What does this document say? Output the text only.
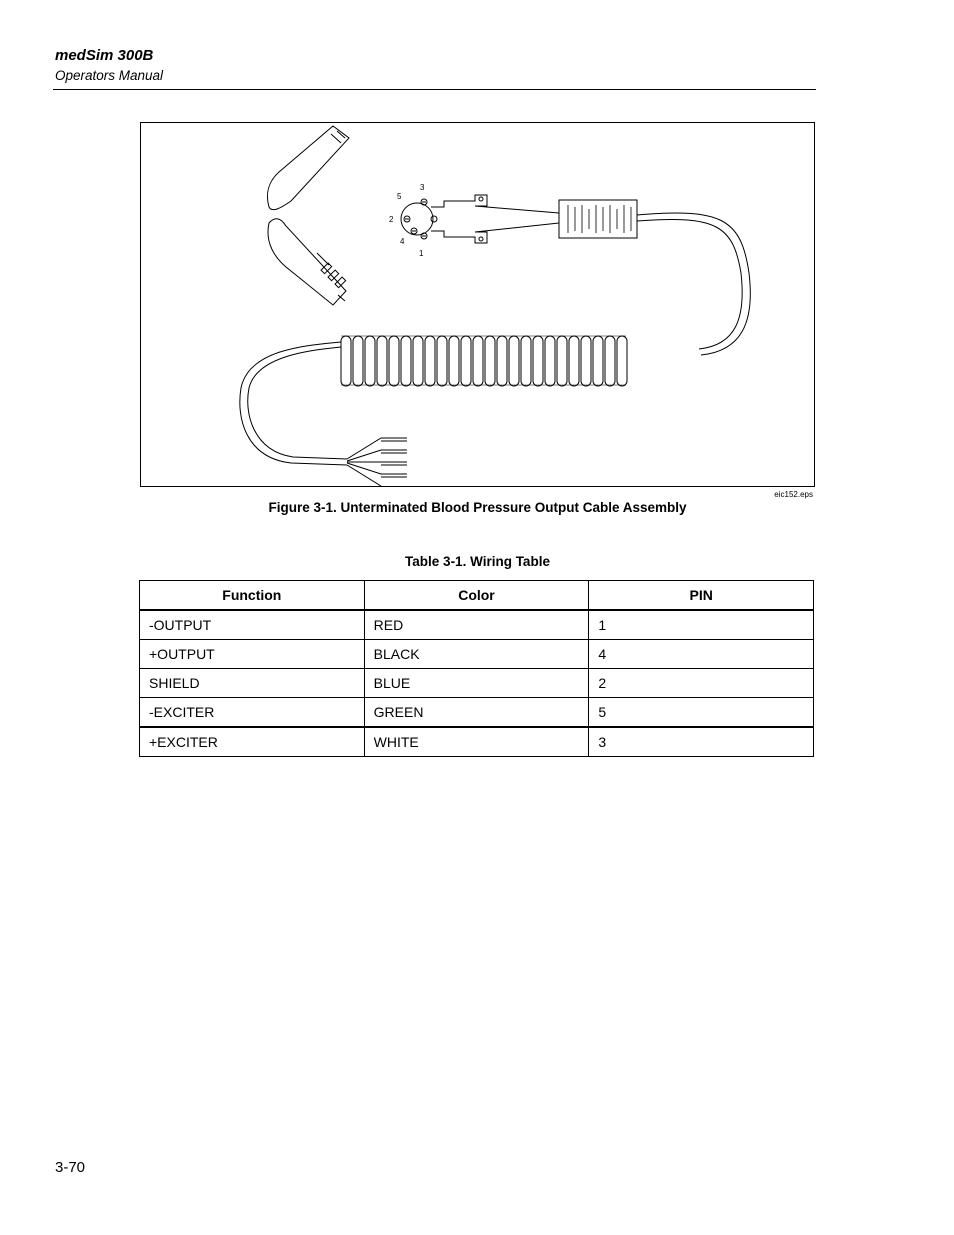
medSim 300B
Operators Manual
3
5
2
4
1
eic152.eps
Figure 3-1. Unterminated Blood Pressure Output Cable Assembly
Table 3-1. Wiring Table
Function	Color	PIN
-OUTPUT	RED	1
+OUTPUT	BLACK	4
SHIELD	BLUE	2
-EXCITER	GREEN	5
+EXCITER	WHITE	3
3-70
